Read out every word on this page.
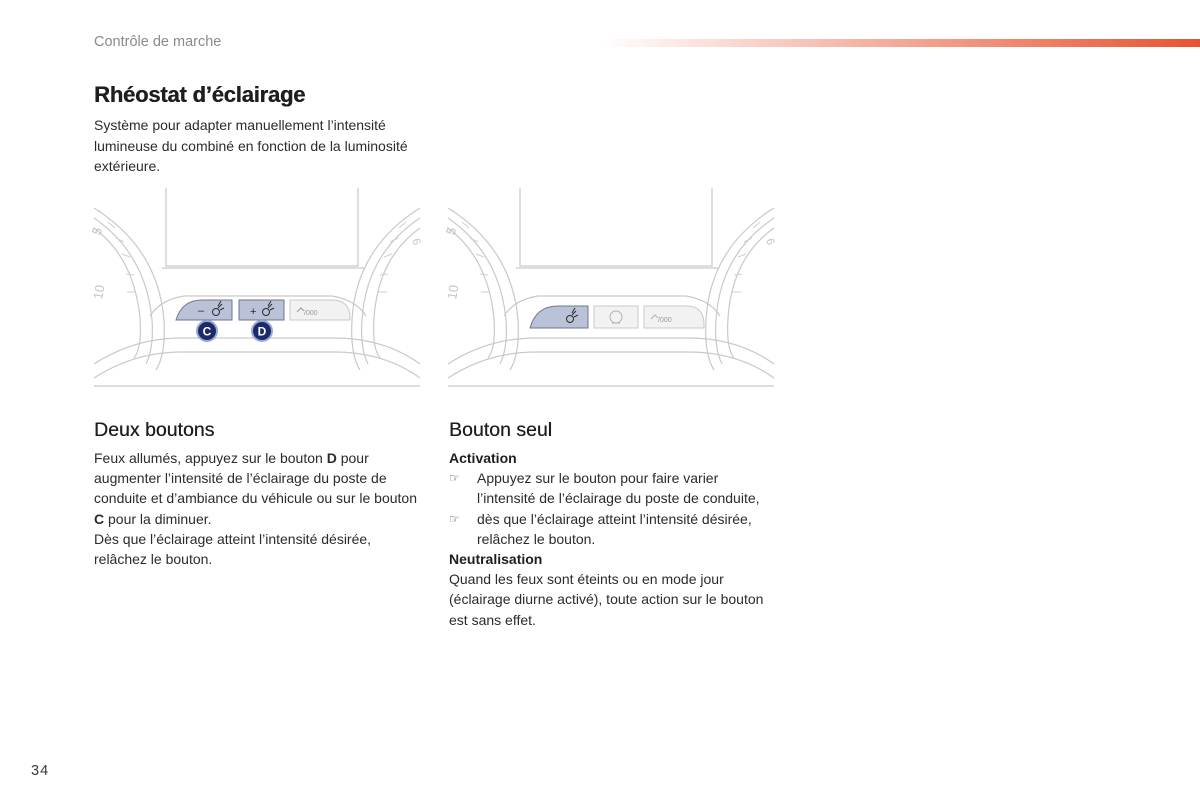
Contrôle de marche
Rhéostat d’éclairage
Système pour adapter manuellement l’intensité lumineuse du combiné en fonction de la luminosité extérieure.
5
10
6
–	+	/000
C	D
5
10
6
/000
Deux boutons

Feux allumés, appuyez sur le bouton D pour augmenter l’intensité de l’éclairage du poste de conduite et d’ambiance du véhicule ou sur le bouton C pour la diminuer.

Dès que l’éclairage atteint l’intensité désirée, relâchez le bouton.

Bouton seul

Activation

☞ Appuyez sur le bouton pour faire varier l’intensité de l’éclairage du poste de conduite,

☞ dès que l’éclairage atteint l’intensité désirée, relâchez le bouton.

Neutralisation

Quand les feux sont éteints ou en mode jour (éclairage diurne activé), toute action sur le bouton est sans effet.

34
